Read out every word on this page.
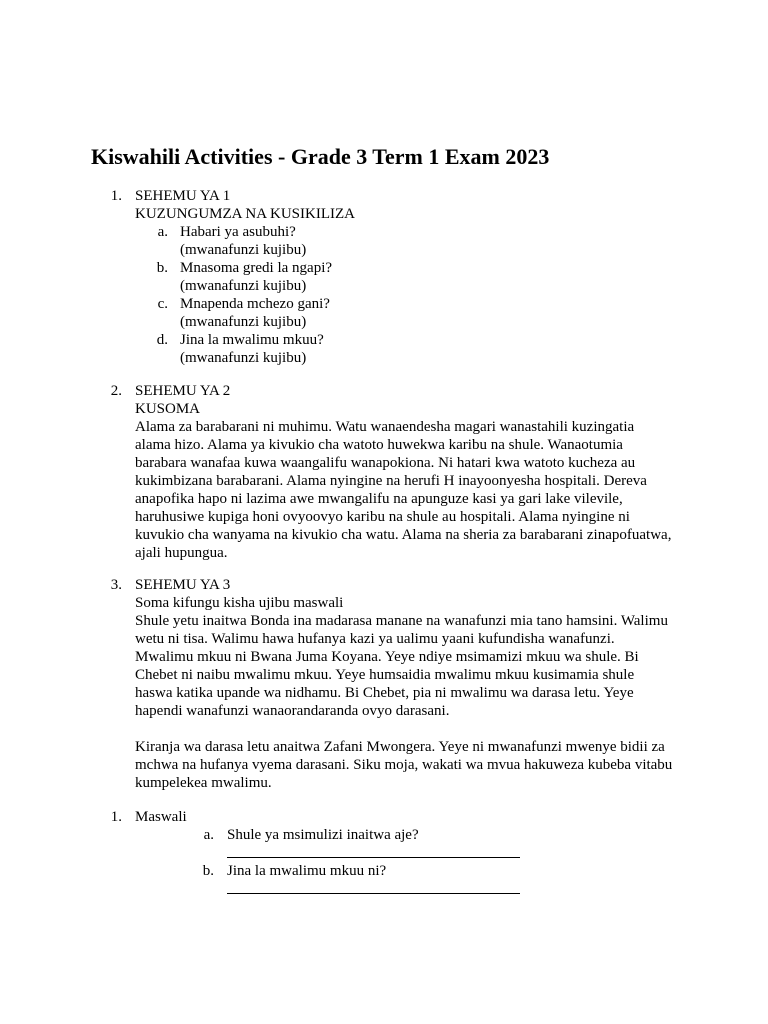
Kiswahili Activities - Grade 3 Term 1 Exam 2023
1. SEHEMU YA 1
KUZUNGUMZA NA KUSIKILIZA
a. Habari ya asubuhi?
(mwanafunzi kujibu)
b. Mnasoma gredi la ngapi?
(mwanafunzi kujibu)
c. Mnapenda mchezo gani?
(mwanafunzi kujibu)
d. Jina la mwalimu mkuu?
(mwanafunzi kujibu)
2. SEHEMU YA 2
KUSOMA
Alama za barabarani ni muhimu. Watu wanaendesha magari wanastahili kuzingatia
alama hizo. Alama ya kivukio cha watoto huwekwa karibu na shule. Wanaotumia
barabara wanafaa kuwa waangalifu wanapokiona. Ni hatari kwa watoto kucheza au
kukimbizana barabarani. Alama nyingine na herufi H inayoonyesha hospitali. Dereva
anapofika hapo ni lazima awe mwangalifu na apunguze kasi ya gari lake vilevile,
haruhusiwe kupiga honi ovyoovyo karibu na shule au hospitali. Alama nyingine ni
kuvukio cha wanyama na kivukio cha watu. Alama na sheria za barabarani zinapofuatwa,
ajali hupungua.
3. SEHEMU YA 3
Soma kifungu kisha ujibu maswali
Shule yetu inaitwa Bonda ina madarasa manane na wanafunzi mia tano hamsini. Walimu
wetu ni tisa. Walimu hawa hufanya kazi ya ualimu yaani kufundisha wanafunzi.
Mwalimu mkuu ni Bwana Juma Koyana. Yeye ndiye msimamizi mkuu wa shule. Bi
Chebet ni naibu mwalimu mkuu. Yeye humsaidia mwalimu mkuu kusimamia shule
haswa katika upande wa nidhamu. Bi Chebet, pia ni mwalimu wa darasa letu. Yeye
hapendi wanafunzi wanaorandaranda ovyo darasani.
Kiranja wa darasa letu anaitwa Zafani Mwongera. Yeye ni mwanafunzi mwenye bidii za
mchwa na hufanya vyema darasani. Siku moja, wakati wa mvua hakuweza kubeba vitabu
kumpelekea mwalimu.
1. Maswali
a. Shule ya msimulizi inaitwa aje?
b. Jina la mwalimu mkuu ni?
